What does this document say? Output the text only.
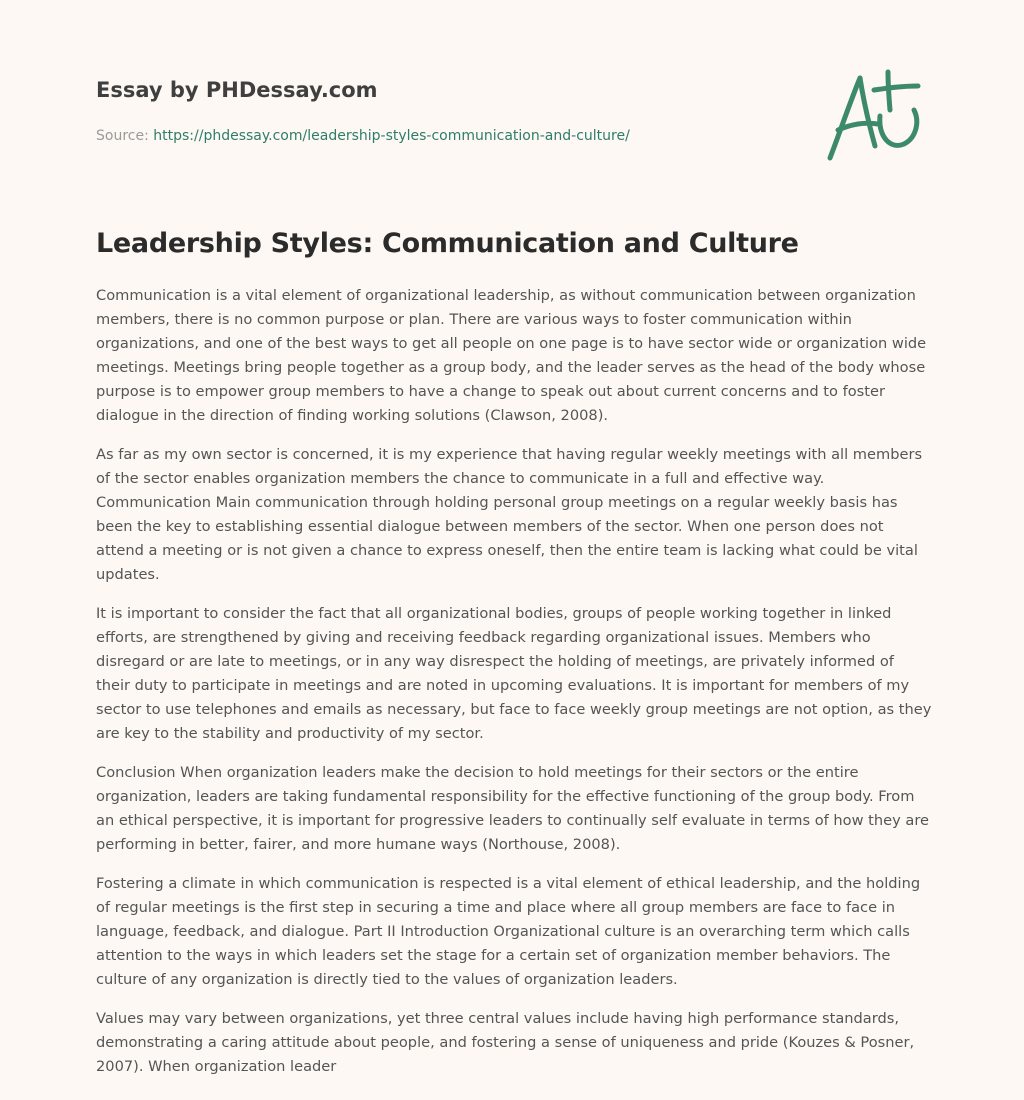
Essay by PHDessay.com
Source: https://phdessay.com/leadership-styles-communication-and-culture/
Leadership Styles: Communication and Culture

Communication is a vital element of organizational leadership, as without communication between organization members, there is no common purpose or plan. There are various ways to foster communication within organizations, and one of the best ways to get all people on one page is to have sector wide or organization wide meetings. Meetings bring people together as a group body, and the leader serves as the head of the body whose purpose is to empower group members to have a change to speak out about current concerns and to foster dialogue in the direction of finding working solutions (Clawson, 2008).

As far as my own sector is concerned, it is my experience that having regular weekly meetings with all members of the sector enables organization members the chance to communicate in a full and effective way. Communication Main communication through holding personal group meetings on a regular weekly basis has been the key to establishing essential dialogue between members of the sector. When one person does not attend a meeting or is not given a chance to express oneself, then the entire team is lacking what could be vital updates.

It is important to consider the fact that all organizational bodies, groups of people working together in linked efforts, are strengthened by giving and receiving feedback regarding organizational issues. Members who disregard or are late to meetings, or in any way disrespect the holding of meetings, are privately informed of their duty to participate in meetings and are noted in upcoming evaluations. It is important for members of my sector to use telephones and emails as necessary, but face to face weekly group meetings are not option, as they are key to the stability and productivity of my sector.

Conclusion When organization leaders make the decision to hold meetings for their sectors or the entire organization, leaders are taking fundamental responsibility for the effective functioning of the group body. From an ethical perspective, it is important for progressive leaders to continually self evaluate in terms of how they are performing in better, fairer, and more humane ways (Northouse, 2008).

Fostering a climate in which communication is respected is a vital element of ethical leadership, and the holding of regular meetings is the first step in securing a time and place where all group members are face to face in language, feedback, and dialogue. Part II Introduction Organizational culture is an overarching term which calls attention to the ways in which leaders set the stage for a certain set of organization member behaviors. The culture of any organization is directly tied to the values of organization leaders.

Values may vary between organizations, yet three central values include having high performance standards, demonstrating a caring attitude about people, and fostering a sense of uniqueness and pride (Kouzes & Posner, 2007). When organization leader
